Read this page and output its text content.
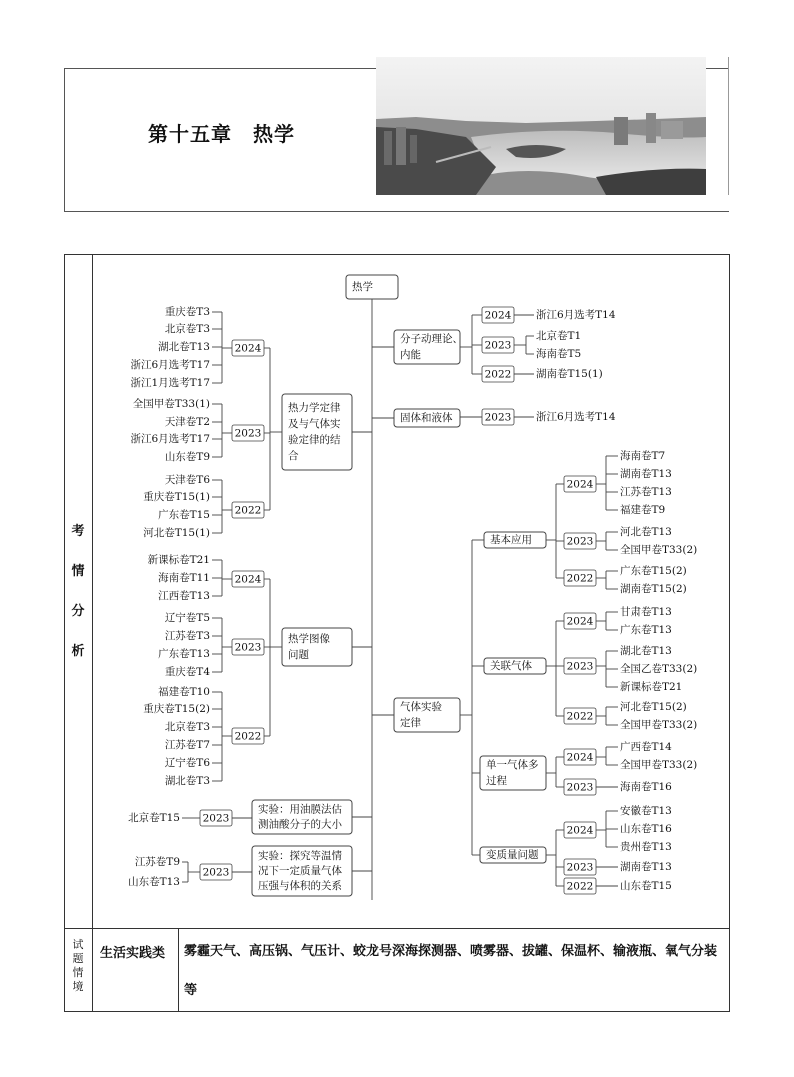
第十五章　热学
考
情
分
析
试
题
情
境
生活实践类 雾霾天气、高压锅、气压计、蛟龙号深海探测器、喷雾器、拔罐、保温杯、输液瓶、氧气分装等
热学
热力学定律
及与气体实
验定律的结
合
2024
重庆卷T3
北京卷T3
湖北卷T13
浙江6月选考T17
浙江1月选考T17
2023
全国甲卷T33(1)
天津卷T2
浙江6月选考T17
山东卷T9
2022
天津卷T6
重庆卷T15(1)
广东卷T15
河北卷T15(1)
热学图像
问题
2024
新课标卷T21
海南卷T11
江西卷T13
2023
辽宁卷T5
江苏卷T3
广东卷T13
重庆卷T4
2022
福建卷T10
重庆卷T15(2)
北京卷T3
江苏卷T7
辽宁卷T6
湖北卷T3
实验：用油膜法估
测油酸分子的大小
2023
北京卷T15
实验：探究等温情
况下一定质量气体
压强与体积的关系
2023
江苏卷T9
山东卷T13
分子动理论、
内能
2024 浙江6月选考T14
2023
北京卷T1
海南卷T5
2022 湖南卷T15(1)
固体和液体	2023 浙江6月选考T14
气体实验
定律
基本应用
2024
海南卷T7
湖南卷T13
江苏卷T13
福建卷T9
2023
河北卷T13
全国甲卷T33(2)
2022
广东卷T15(2)
湖南卷T15(2)
关联气体
2024
甘肃卷T13
广东卷T13
2023
湖北卷T13
全国乙卷T33(2)
新课标卷T21
2022
河北卷T15(2)
全国甲卷T33(2)
单一气体多
过程
2024
广西卷T14
全国甲卷T33(2)
2023	海南卷T16
变质量问题
2024
安徽卷T13
山东卷T16
贵州卷T13
2023	湖南卷T13
2022	山东卷T15
